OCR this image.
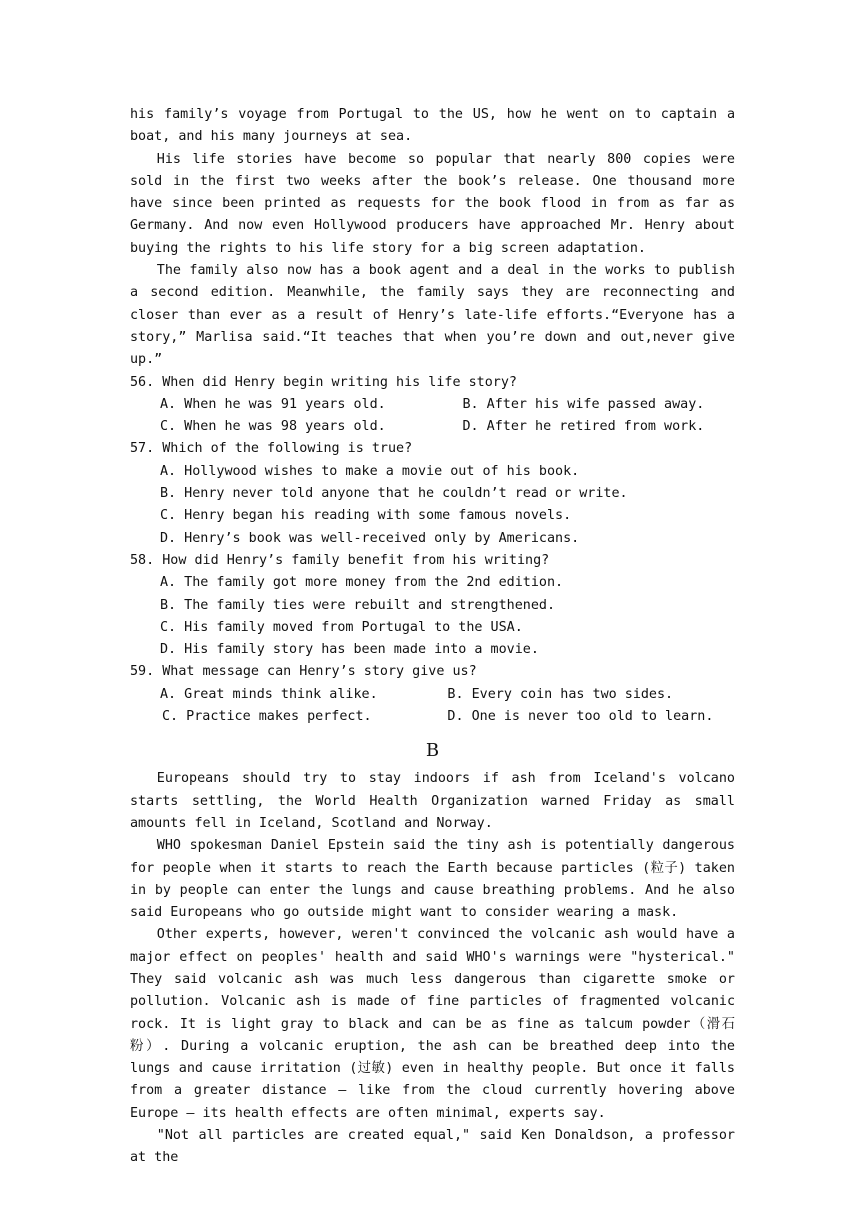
his family’s voyage from Portugal to the US, how he went on to captain a boat, and his many journeys at sea.

His life stories have become so popular that nearly 800 copies were sold in the first two weeks after the book’s release. One thousand more have since been printed as requests for the book flood in from as far as Germany. And now even Hollywood producers have approached Mr. Henry about buying the rights to his life story for a big screen adaptation.

The family also now has a book agent and a deal in the works to publish a second edition. Meanwhile, the family says they are reconnecting and closer than ever as a result of Henry’s late-life efforts.“Everyone has a story,” Marlisa said.“It teaches that when you’re down and out,never give up.”

56. When did Henry begin writing his life story?

A. When he was 91 years old.	B. After his wife passed away.
C. When he was 98 years old.	D. After he retired from work.

57. Which of the following is true?

A. Hollywood wishes to make a movie out of his book.

B. Henry never told anyone that he couldn’t read or write.

C. Henry began his reading with some famous novels.

D. Henry’s book was well-received only by Americans.

58. How did Henry’s family benefit from his writing?

A. The family got more money from the 2nd edition.

B. The family ties were rebuilt and strengthened.

C. His family moved from Portugal to the USA.

D. His family story has been made into a movie.

59. What message can Henry’s story give us?

A. Great minds think alike.	B. Every coin has two sides.
C. Practice makes perfect.	D. One is never too old to learn.
B

Europeans should try to stay indoors if ash from Iceland's volcano starts settling, the World Health Organization warned Friday as small amounts fell in Iceland, Scotland and Norway.

WHO spokesman Daniel Epstein said the tiny ash is potentially dangerous for people when it starts to reach the Earth because particles (粒子) taken in by people can enter the lungs and cause breathing problems. And he also said Europeans who go outside might want to consider wearing a mask.

Other experts, however, weren't convinced the volcanic ash would have a major effect on peoples' health and said WHO's warnings were "hysterical." They said volcanic ash was much less dangerous than cigarette smoke or pollution. Volcanic ash is made of fine particles of fragmented volcanic rock. It is light gray to black and can be as fine as talcum powder（滑石粉）. During a volcanic eruption, the ash can be breathed deep into the lungs and cause irritation (过敏) even in healthy people. But once it falls from a greater distance — like from the cloud currently hovering above Europe — its health effects are often minimal, experts say.

"Not all particles are created equal," said Ken Donaldson, a professor at the
